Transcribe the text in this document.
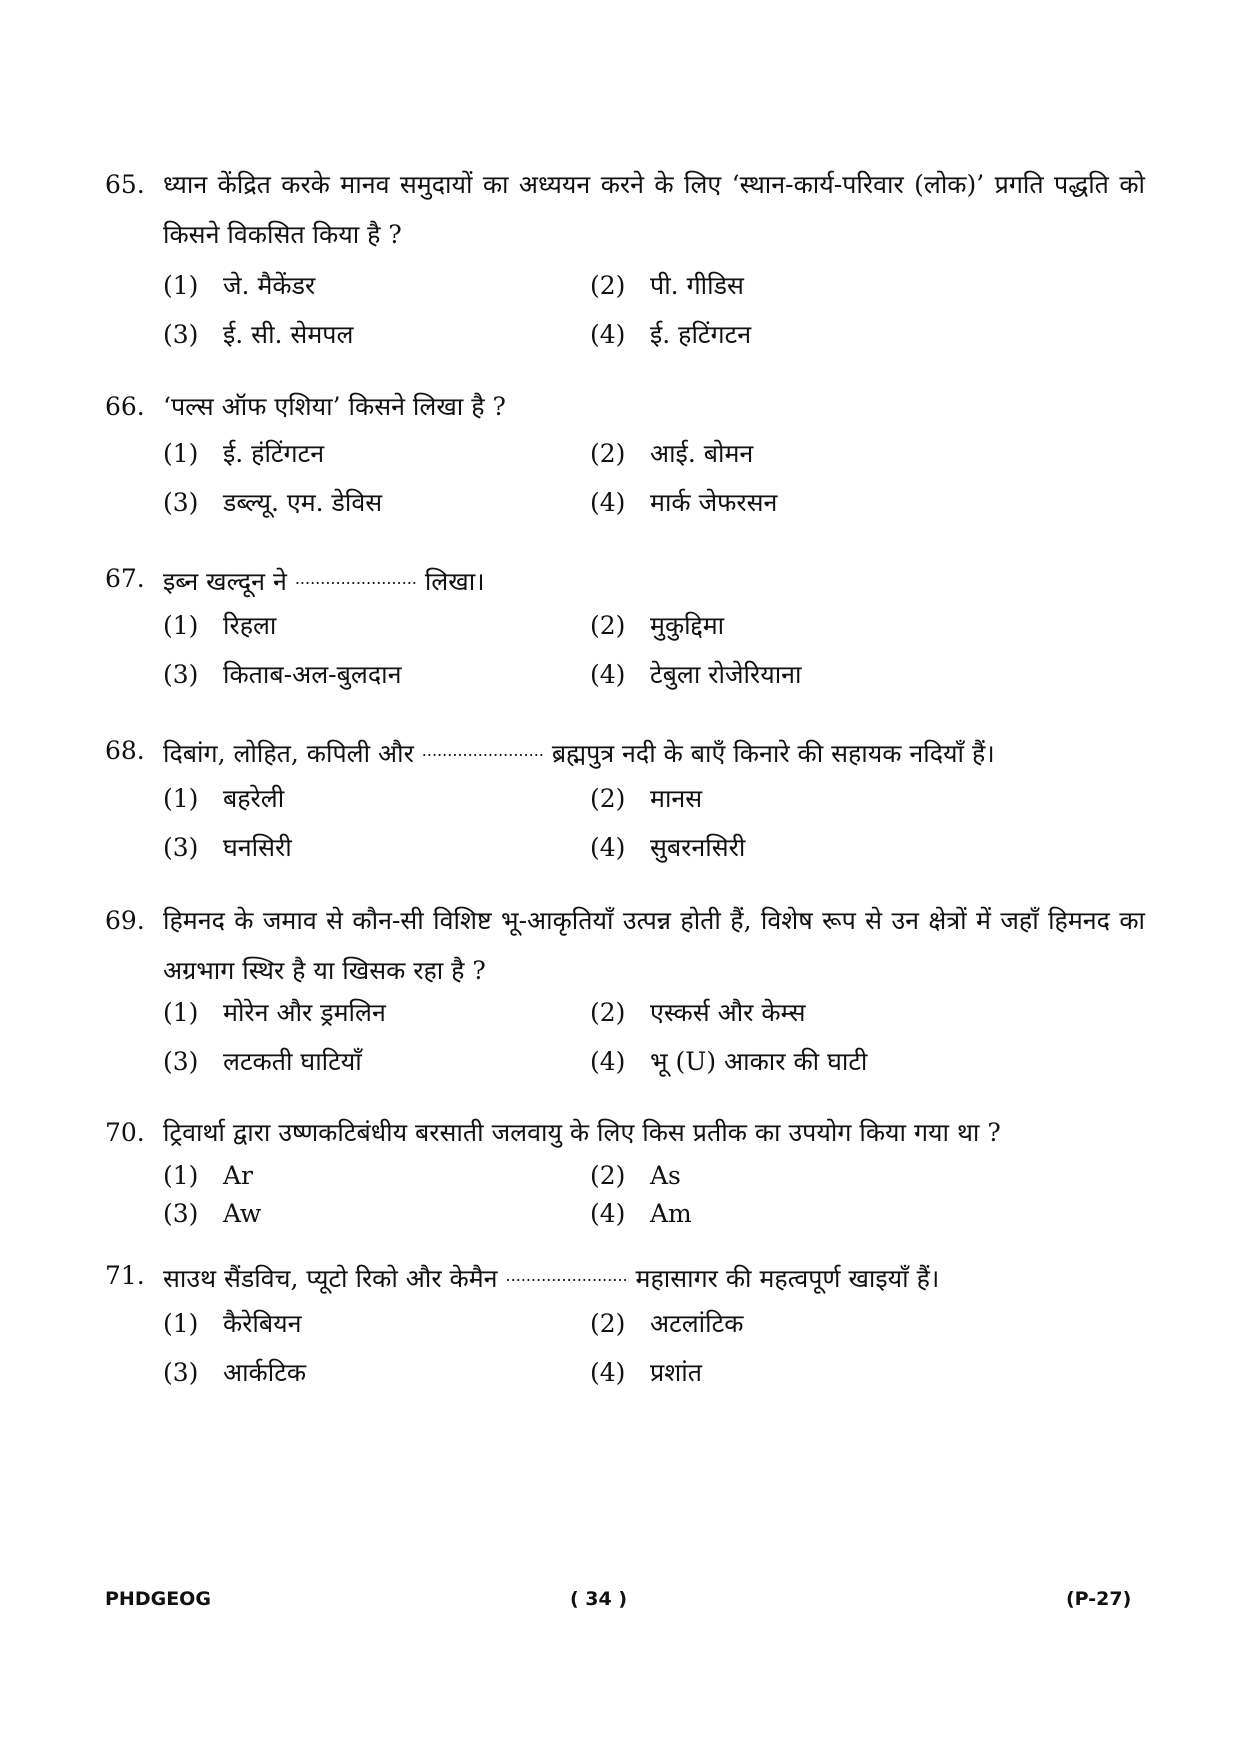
65. ध्यान केंद्रित करके मानव समुदायों का अध्ययन करने के लिए ‘स्थान-कार्य-परिवार (लोक)’ प्रगति पद्धति को किसने विकसित किया है ?
(1) जे. मैकेंडर	(2) पी. गीडिस
(3) ई. सी. सेमपल	(4) ई. हटिंगटन
66. ‘पल्स ऑफ एशिया’ किसने लिखा है ?
(1) ई. हंटिंगटन	(2) आई. बोमन
(3) डब्ल्यू. एम. डेविस	(4) मार्क जेफरसन
67. इब्न खल्दून ने ........................ लिखा।
(1) रिहला	(2) मुकुद्दिमा
(3) किताब-अल-बुलदान	(4) टेबुला रोजेरियाना
68. दिबांग, लोहित, कपिली और ........................ ब्रह्मपुत्र नदी के बाएँ किनारे की सहायक नदियाँ हैं।
(1) बहरेली	(2) मानस
(3) घनसिरी	(4) सुबरनसिरी
69. हिमनद के जमाव से कौन-सी विशिष्ट भू-आकृतियाँ उत्पन्न होती हैं, विशेष रूप से उन क्षेत्रों में जहाँ हिमनद का अग्रभाग स्थिर है या खिसक रहा है ?
(1) मोरेन और ड्रमलिन	(2) एस्कर्स और केम्स
(3) लटकती घाटियाँ	(4) भू (U) आकार की घाटी
70. ट्रिवार्था द्वारा उष्णकटिबंधीय बरसाती जलवायु के लिए किस प्रतीक का उपयोग किया गया था ?
(1) Ar	(2) As
(3) Aw	(4) Am
71. साउथ सैंडविच, प्यूटो रिको और केमैन ........................ महासागर की महत्वपूर्ण खाइयाँ हैं।
(1) कैरेबियन	(2) अटलांटिक
(3) आर्कटिक	(4) प्रशांत
PHDGEOG	( 34 )	(P-27)
